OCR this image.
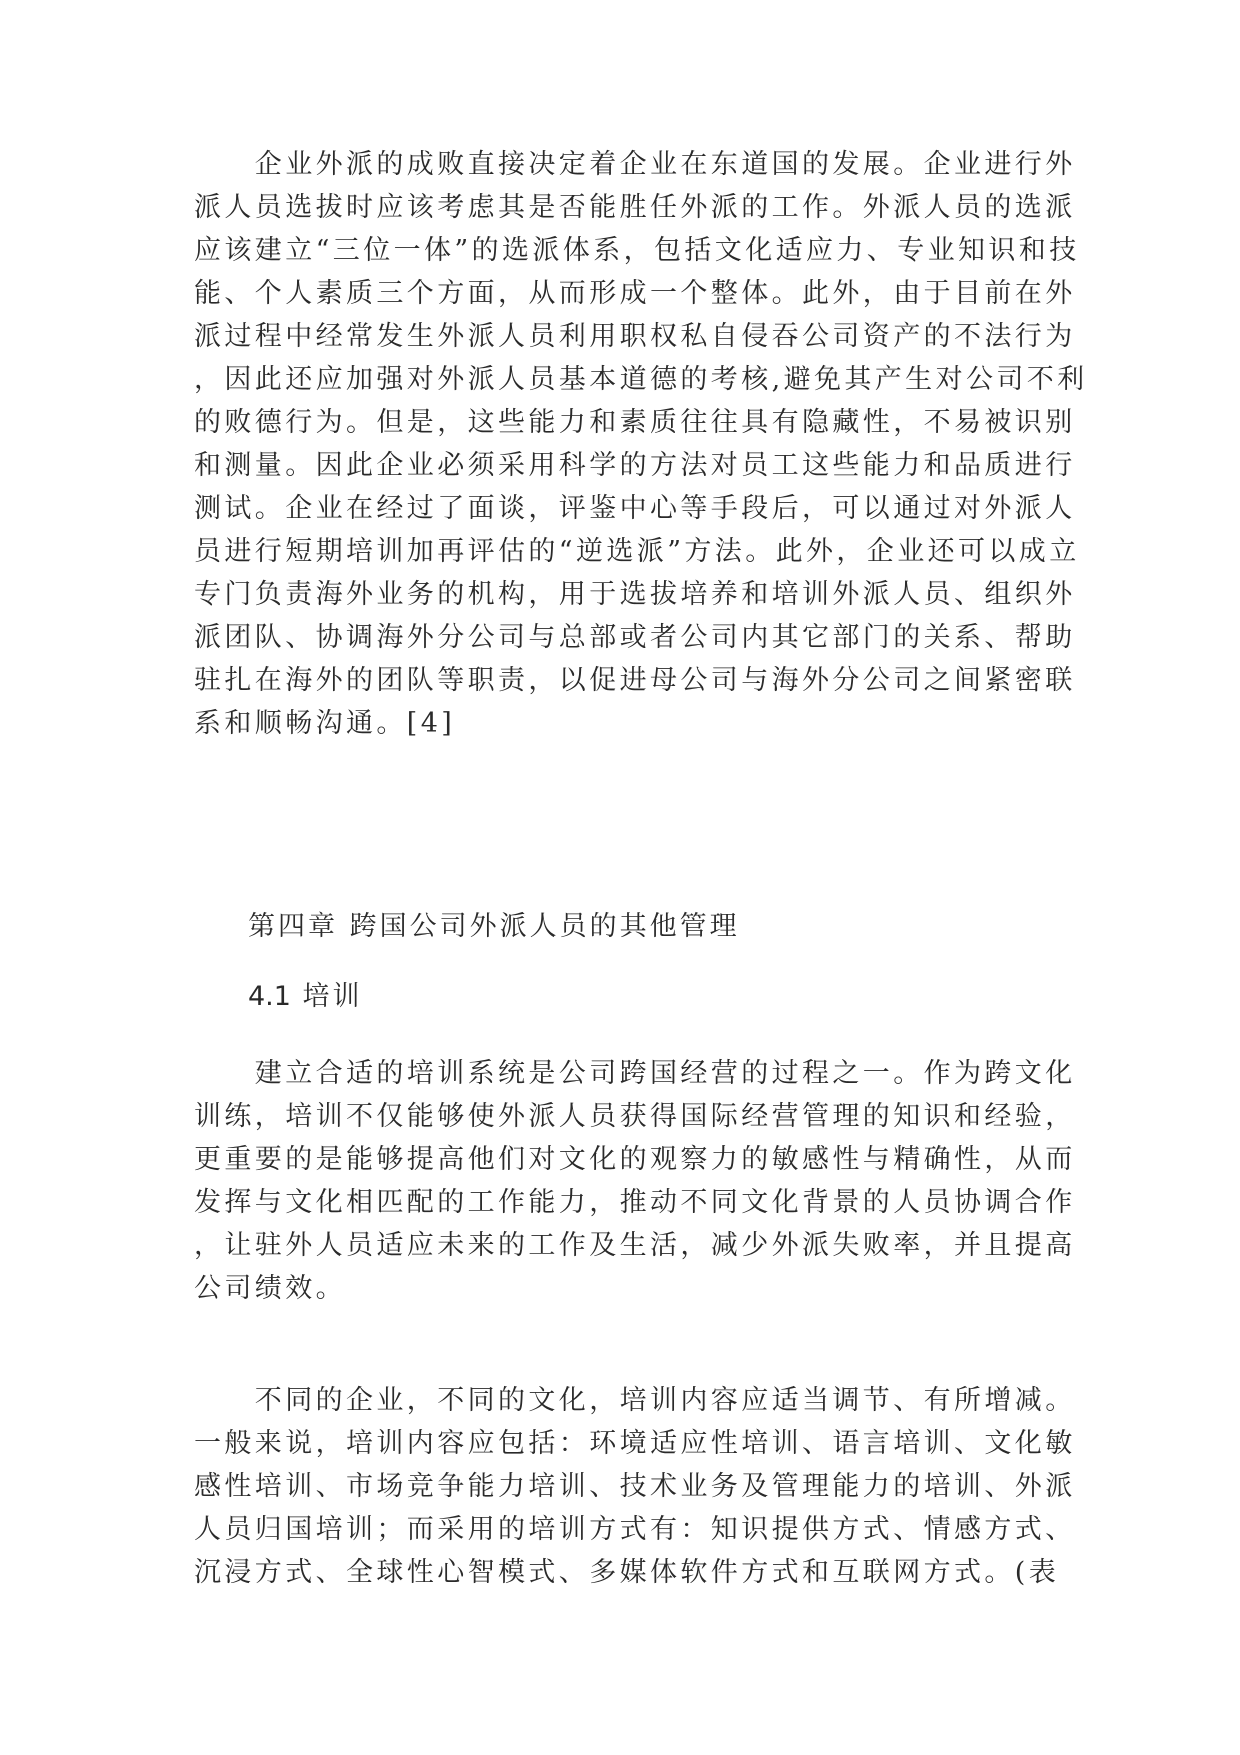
　　企业外派的成败直接决定着企业在东道国的发展。企业进行外
派人员选拔时应该考虑其是否能胜任外派的工作。外派人员的选派
应该建立“三位一体”的选派体系，包括文化适应力、专业知识和技
能、个人素质三个方面，从而形成一个整体。此外，由于目前在外
派过程中经常发生外派人员利用职权私自侵吞公司资产的不法行为
，因此还应加强对外派人员基本道德的考核,避免其产生对公司不利
的败德行为。但是，这些能力和素质往往具有隐藏性，不易被识别
和测量。因此企业必须采用科学的方法对员工这些能力和品质进行
测试。企业在经过了面谈，评鉴中心等手段后，可以通过对外派人
员进行短期培训加再评估的“逆选派”方法。此外，企业还可以成立
专门负责海外业务的机构，用于选拔培养和培训外派人员、组织外
派团队、协调海外分公司与总部或者公司内其它部门的关系、帮助
驻扎在海外的团队等职责，以促进母公司与海外分公司之间紧密联
系和顺畅沟通。[4]
第四章 跨国公司外派人员的其他管理
4.1 培训
　　建立合适的培训系统是公司跨国经营的过程之一。作为跨文化
训练，培训不仅能够使外派人员获得国际经营管理的知识和经验，
更重要的是能够提高他们对文化的观察力的敏感性与精确性，从而
发挥与文化相匹配的工作能力，推动不同文化背景的人员协调合作
，让驻外人员适应未来的工作及生活，减少外派失败率，并且提高
公司绩效。
　　不同的企业，不同的文化，培训内容应适当调节、有所增减。
一般来说，培训内容应包括：环境适应性培训、语言培训、文化敏
感性培训、市场竞争能力培训、技术业务及管理能力的培训、外派
人员归国培训；而采用的培训方式有：知识提供方式、情感方式、
沉浸方式、全球性心智模式、多媒体软件方式和互联网方式。(表
